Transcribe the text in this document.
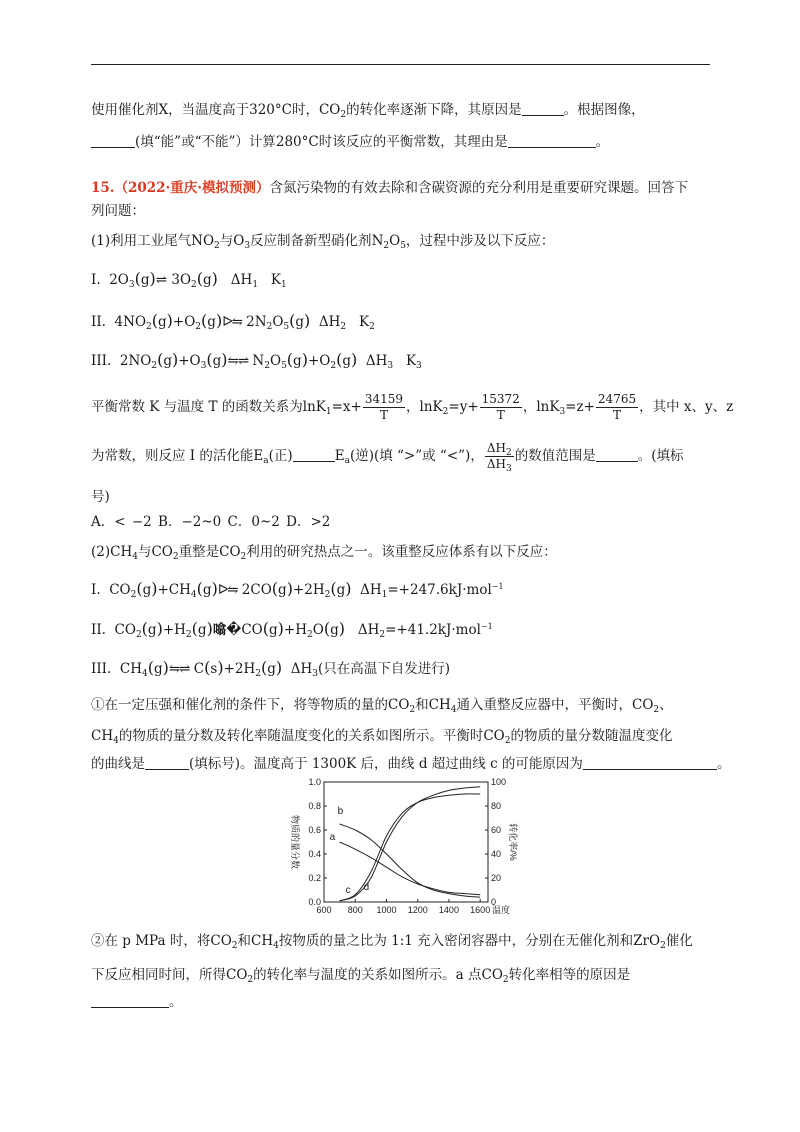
使用催化剂X，当温度高于320°C时，$CO_2$的转化率逐渐下降，其原因是	。根据图像，
(填“能”或“不能”）计算280°C时该反应的平衡常数，其理由是	。
15.（2022·重庆·模拟预测）含氮污染物的有效去除和含碳资源的充分利用是重要研究课题。回答下
列问题：
(1)利用工业尾气$NO_2$与$O_3$反应制备新型硝化剂$N_2O_5$，过程中涉及以下反应：
I.  $2O_3(g)\rightleftharpoons$ $3O_2(g)$   $\Delta H_1$   $K_1$
II.  $4NO_2(g)+O_2(g)ᐅ⇋$ $2N_2O_5(g)$  $\Delta H_2$   $K_2$
III.  $2NO_2(g)+O_3(g)⇋\rightleftharpoons$ $N_2O_5(g)+O_2(g)$  $\Delta H_3$   $K_3$
平衡常数 K 与温度 T 的函数关系为$\ln K_1=x+ \frac{34159}{T}$ ，$\ln K_2=y+ \frac{15372}{T}$ ，$\ln K_3=z+ \frac{24765}{T}$ ，其中 x、y、z
为常数，则反应 I 的活化能$E_a$(正)	$E_a$(逆)(填 “>”或 “<”)， $\frac{\Delta H_2}{\Delta H_3}$ 的数值范围是	。(填标
号)
A．< −2 B．−2~0 C．0~2 D．>2
$(2)CH_4$与$CO_2$重整是$CO_2$利用的研究热点之一。该重整反应体系有以下反应：
I.  $CO_2(g)+CH_4(g)ᐅ⇋$ $2CO(g)+2H_2(g)$  $\Delta H_1=+247.6kJ\cdot mol^{-1}$
II.  $CO_2(g)+H_2(g)$噏$�CO(g)+H_2O(g)$   $\Delta H_2=+41.2kJ\cdot mol^{-1}$
III.  $CH_4(g)⇋\rightleftharpoons$ $C(s)+2H_2(g)$  $\Delta H_3$(只在高温下自发进行)
①在一定压强和催化剂的条件下，将等物质的量的$CO_2$和$CH_4$通入重整反应器中，平衡时，$CO_2$、
$CH_4$的物质的量分数及转化率随温度变化的关系如图所示。平衡时$CO_2$的物质的量分数随温度变化
的曲线是	(填标号)。温度高于 1300K 后，曲线 d 超过曲线 c 的可能原因为	。
600 800 1000 1200 1400 1600
0.0
0.2
0.4
0.6
0.8
1.0
0
20
40
60
80
100
a
b
c d
温度
物质的量分数	转化率/%
②在 p MPa 时，将$CO_2$和$CH_4$按物质的量之比为 1:1 充入密闭容器中，分别在无催化剂和ZrO$_2$催化
下反应相同时间，所得$CO_2$的转化率与温度的关系如图所示。a 点$CO_2$转化率相等的原因是
。
